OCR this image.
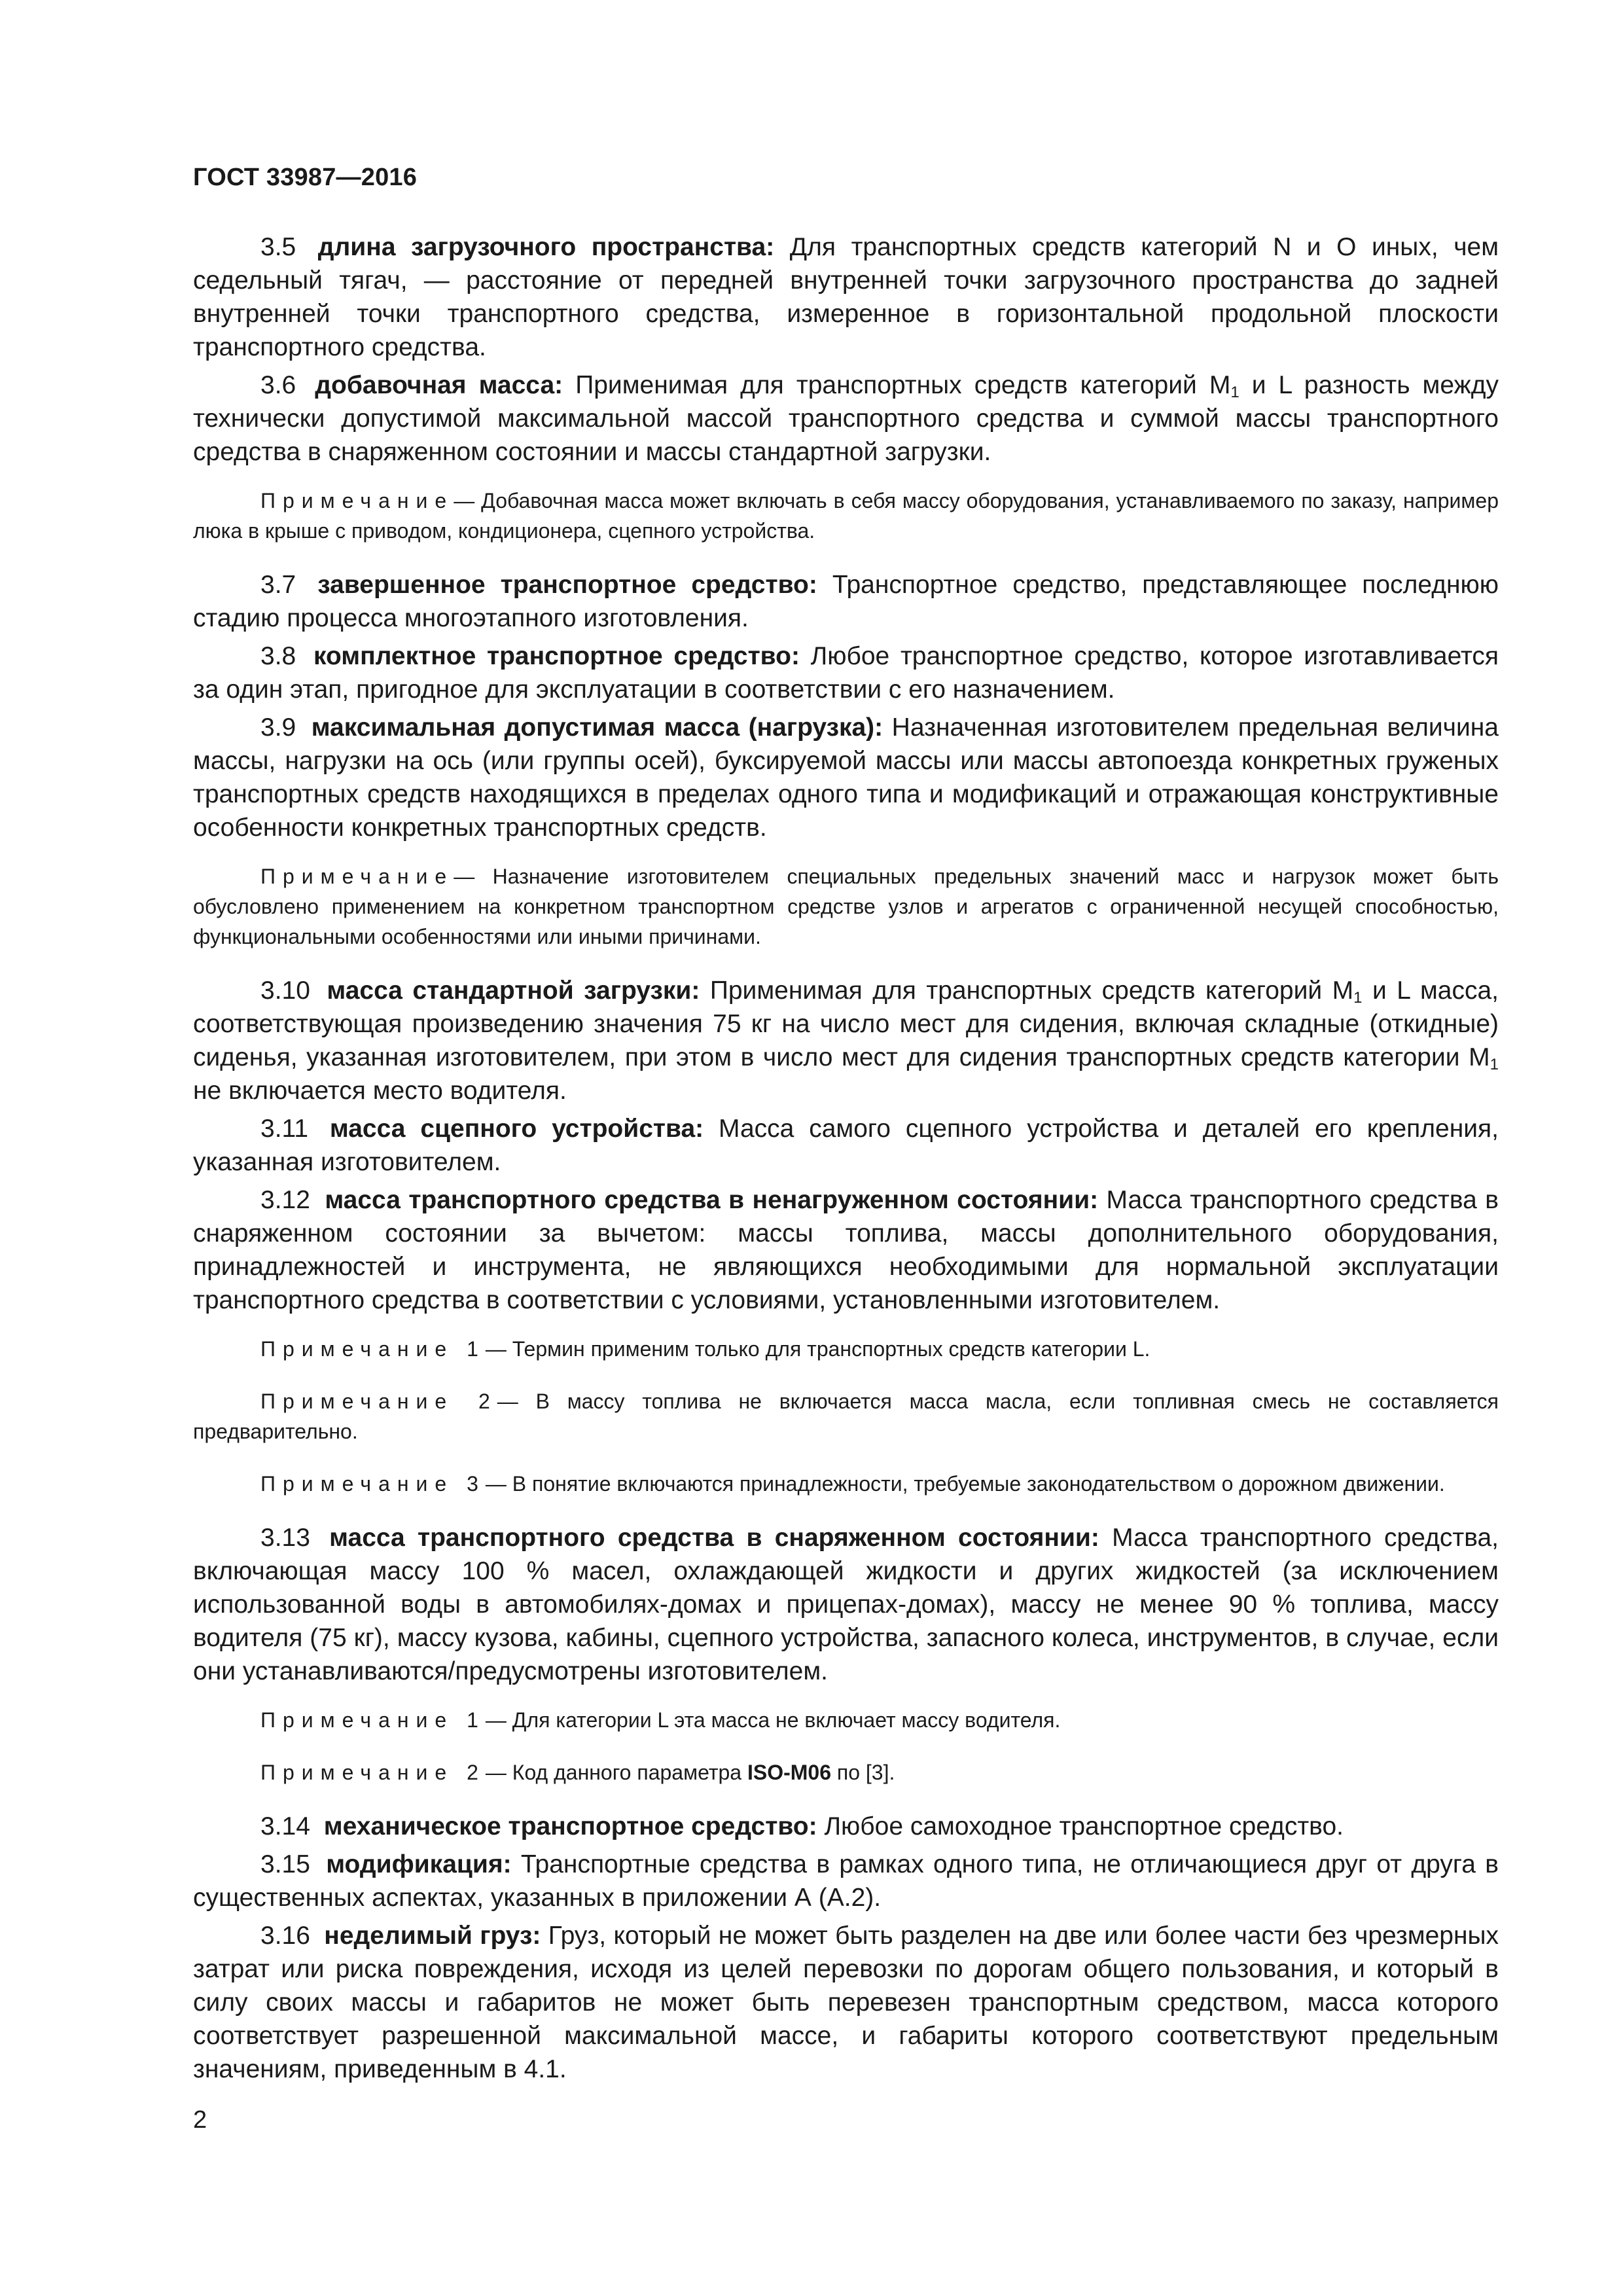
ГОСТ 33987—2016

3.5 длина загрузочного пространства: Для транспортных средств категорий N и O иных, чем седельный тягач, — расстояние от передней внутренней точки загрузочного пространства до задней внутренней точки транспортного средства, измеренное в горизонтальной продольной плоскости транспортного средства.

3.6 добавочная масса: Применимая для транспортных средств категорий $M_1$ и L разность между технически допустимой максимальной массой транспортного средства и суммой массы транспортного средства в снаряженном состоянии и массы стандартной загрузки.

Примечание— Добавочная масса может включать в себя массу оборудования, устанавливаемого по заказу, например люка в крыше с приводом, кондиционера, сцепного устройства.

3.7 завершенное транспортное средство: Транспортное средство, представляющее последнюю стадию процесса многоэтапного изготовления.

3.8 комплектное транспортное средство: Любое транспортное средство, которое изготавливается за один этап, пригодное для эксплуатации в соответствии с его назначением.

3.9 максимальная допустимая масса (нагрузка): Назначенная изготовителем предельная величина массы, нагрузки на ось (или группы осей), буксируемой массы или массы автопоезда конкретных груженых транспортных средств находящихся в пределах одного типа и модификаций и отражающая конструктивные особенности конкретных транспортных средств.

Примечание— Назначение изготовителем специальных предельных значений масс и нагрузок может быть обусловлено применением на конкретном транспортном средстве узлов и агрегатов с ограниченной несущей способностью, функциональными особенностями или иными причинами.

3.10 масса стандартной загрузки: Применимая для транспортных средств категорий $M_1$ и L масса, соответствующая произведению значения 75 кг на число мест для сидения, включая складные (откидные) сиденья, указанная изготовителем, при этом в число мест для сидения транспортных средств категории $M_1$ не включается место водителя.

3.11 масса сцепного устройства: Масса самого сцепного устройства и деталей его крепления, указанная изготовителем.

3.12 масса транспортного средства в ненагруженном состоянии: Масса транспортного средства в снаряженном состоянии за вычетом: массы топлива, массы дополнительного оборудования, принадлежностей и инструмента, не являющихся необходимыми для нормальной эксплуатации транспортного средства в соответствии с условиями, установленными изготовителем.

Примечание 1— Термин применим только для транспортных средств категории L.

Примечание 2— В массу топлива не включается масса масла, если топливная смесь не составляется предварительно.

Примечание 3— В понятие включаются принадлежности, требуемые законодательством о дорожном движении.

3.13 масса транспортного средства в снаряженном состоянии: Масса транспортного средства, включающая массу 100 % масел, охлаждающей жидкости и других жидкостей (за исключением использованной воды в автомобилях-домах и прицепах-домах), массу не менее 90 % топлива, массу водителя (75 кг), массу кузова, кабины, сцепного устройства, запасного колеса, инструментов, в случае, если они устанавливаются/предусмотрены изготовителем.

Примечание 1— Для категории L эта масса не включает массу водителя.

Примечание 2— Код данного параметра ISO-M06 по [3].

3.14 механическое транспортное средство: Любое самоходное транспортное средство.

3.15 модификация: Транспортные средства в рамках одного типа, не отличающиеся друг от друга в существенных аспектах, указанных в приложении А (А.2).

3.16 неделимый груз: Груз, который не может быть разделен на две или более части без чрезмерных затрат или риска повреждения, исходя из целей перевозки по дорогам общего пользования, и который в силу своих массы и габаритов не может быть перевезен транспортным средством, масса которого соответствует разрешенной максимальной массе, и габариты которого соответствуют предельным значениям, приведенным в 4.1.

2
